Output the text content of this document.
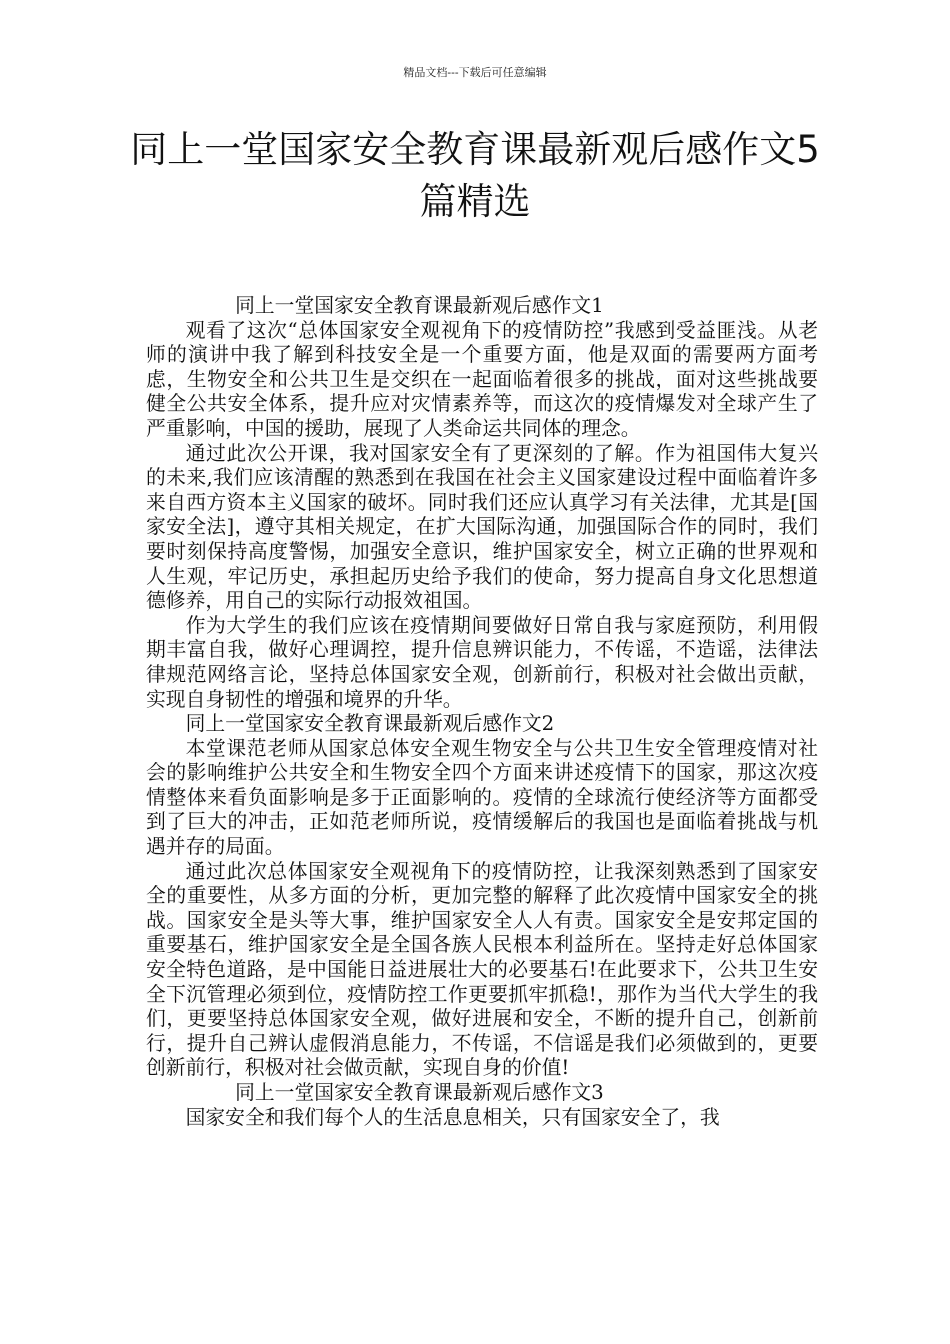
精品文档---下载后可任意编辑
同上一堂国家安全教育课最新观后感作文5篇精选

同上一堂国家安全教育课最新观后感作文1

观看了这次“总体国家安全观视角下的疫情防控”我感到受益匪浅。从老师的演讲中我了解到科技安全是一个重要方面，他是双面的需要两方面考虑，生物安全和公共卫生是交织在一起面临着很多的挑战，面对这些挑战要健全公共安全体系，提升应对灾情素养等，而这次的疫情爆发对全球产生了严重影响，中国的援助，展现了人类命运共同体的理念。

通过此次公开课，我对国家安全有了更深刻的了解。作为祖国伟大复兴的未来,我们应该清醒的熟悉到在我国在社会主义国家建设过程中面临着许多来自西方资本主义国家的破坏。同时我们还应认真学习有关法律，尤其是[国家安全法]，遵守其相关规定，在扩大国际沟通，加强国际合作的同时，我们要时刻保持高度警惕，加强安全意识，维护国家安全，树立正确的世界观和人生观，牢记历史，承担起历史给予我们的使命，努力提高自身文化思想道德修养，用自己的实际行动报效祖国。

作为大学生的我们应该在疫情期间要做好日常自我与家庭预防，利用假期丰富自我，做好心理调控，提升信息辨识能力，不传谣，不造谣，法律法律规范网络言论，坚持总体国家安全观，创新前行，积极对社会做出贡献，实现自身韧性的增强和境界的升华。

同上一堂国家安全教育课最新观后感作文2

本堂课范老师从国家总体安全观生物安全与公共卫生安全管理疫情对社会的影响维护公共安全和生物安全四个方面来讲述疫情下的国家，那这次疫情整体来看负面影响是多于正面影响的。疫情的全球流行使经济等方面都受到了巨大的冲击，正如范老师所说，疫情缓解后的我国也是面临着挑战与机遇并存的局面。

通过此次总体国家安全观视角下的疫情防控，让我深刻熟悉到了国家安全的重要性，从多方面的分析，更加完整的解释了此次疫情中国家安全的挑战。国家安全是头等大事，维护国家安全人人有责。国家安全是安邦定国的重要基石，维护国家安全是全国各族人民根本利益所在。坚持走好总体国家安全特色道路，是中国能日益进展壮大的必要基石!在此要求下，公共卫生安全下沉管理必须到位，疫情防控工作更要抓牢抓稳!，那作为当代大学生的我们，更要坚持总体国家安全观，做好进展和安全，不断的提升自己，创新前行，提升自己辨认虚假消息能力，不传谣，不信谣是我们必须做到的，更要创新前行，积极对社会做贡献，实现自身的价值!

同上一堂国家安全教育课最新观后感作文3

国家安全和我们每个人的生活息息相关，只有国家安全了，我
